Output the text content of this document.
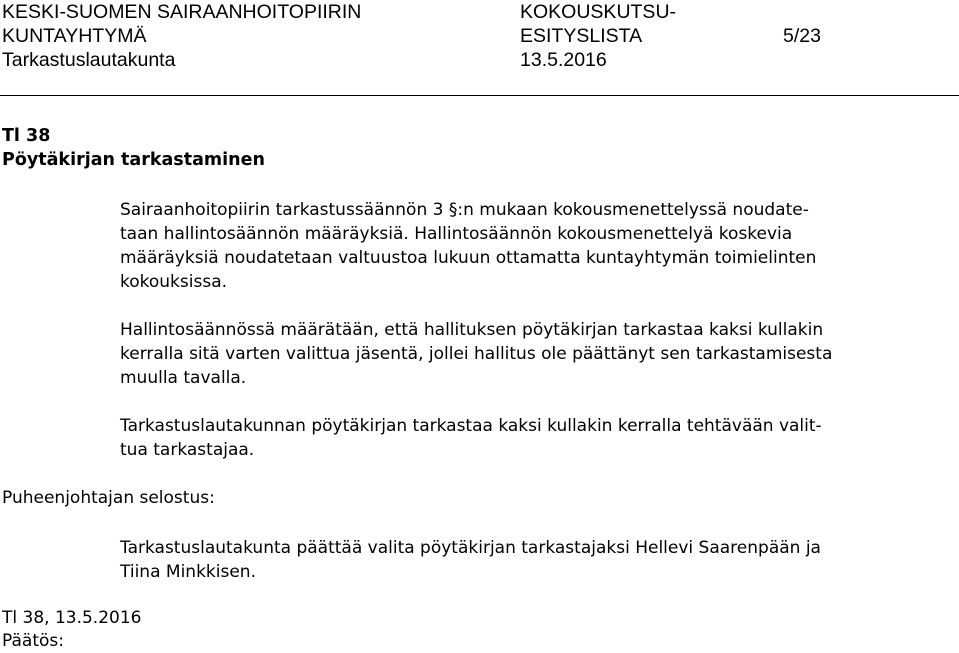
KESKI-SUOMEN SAIRAANHOITOPIIRIN
KUNTAYHTYMÄ
Tarkastuslautakunta
KOKOUSKUTSU-
ESITYSLISTA
13.5.2016
5/23
Tl 38
Pöytäkirjan tarkastaminen
Sairaanhoitopiirin tarkastussäännön 3 §:n mukaan kokousmenettelyssä noudate-
taan hallintosäännön määräyksiä. Hallintosäännön kokousmenettelyä koskevia
määräyksiä noudatetaan valtuustoa lukuun ottamatta kuntayhtymän toimielinten
kokouksissa.
Hallintosäännössä määrätään, että hallituksen pöytäkirjan tarkastaa kaksi kullakin
kerralla sitä varten valittua jäsentä, jollei hallitus ole päättänyt sen tarkastamisesta
muulla tavalla.
Tarkastuslautakunnan pöytäkirjan tarkastaa kaksi kullakin kerralla tehtävään valit-
tua tarkastajaa.
Puheenjohtajan selostus:
Tarkastuslautakunta päättää valita pöytäkirjan tarkastajaksi Hellevi Saarenpään ja
Tiina Minkkisen.
Tl 38, 13.5.2016
Päätös:
